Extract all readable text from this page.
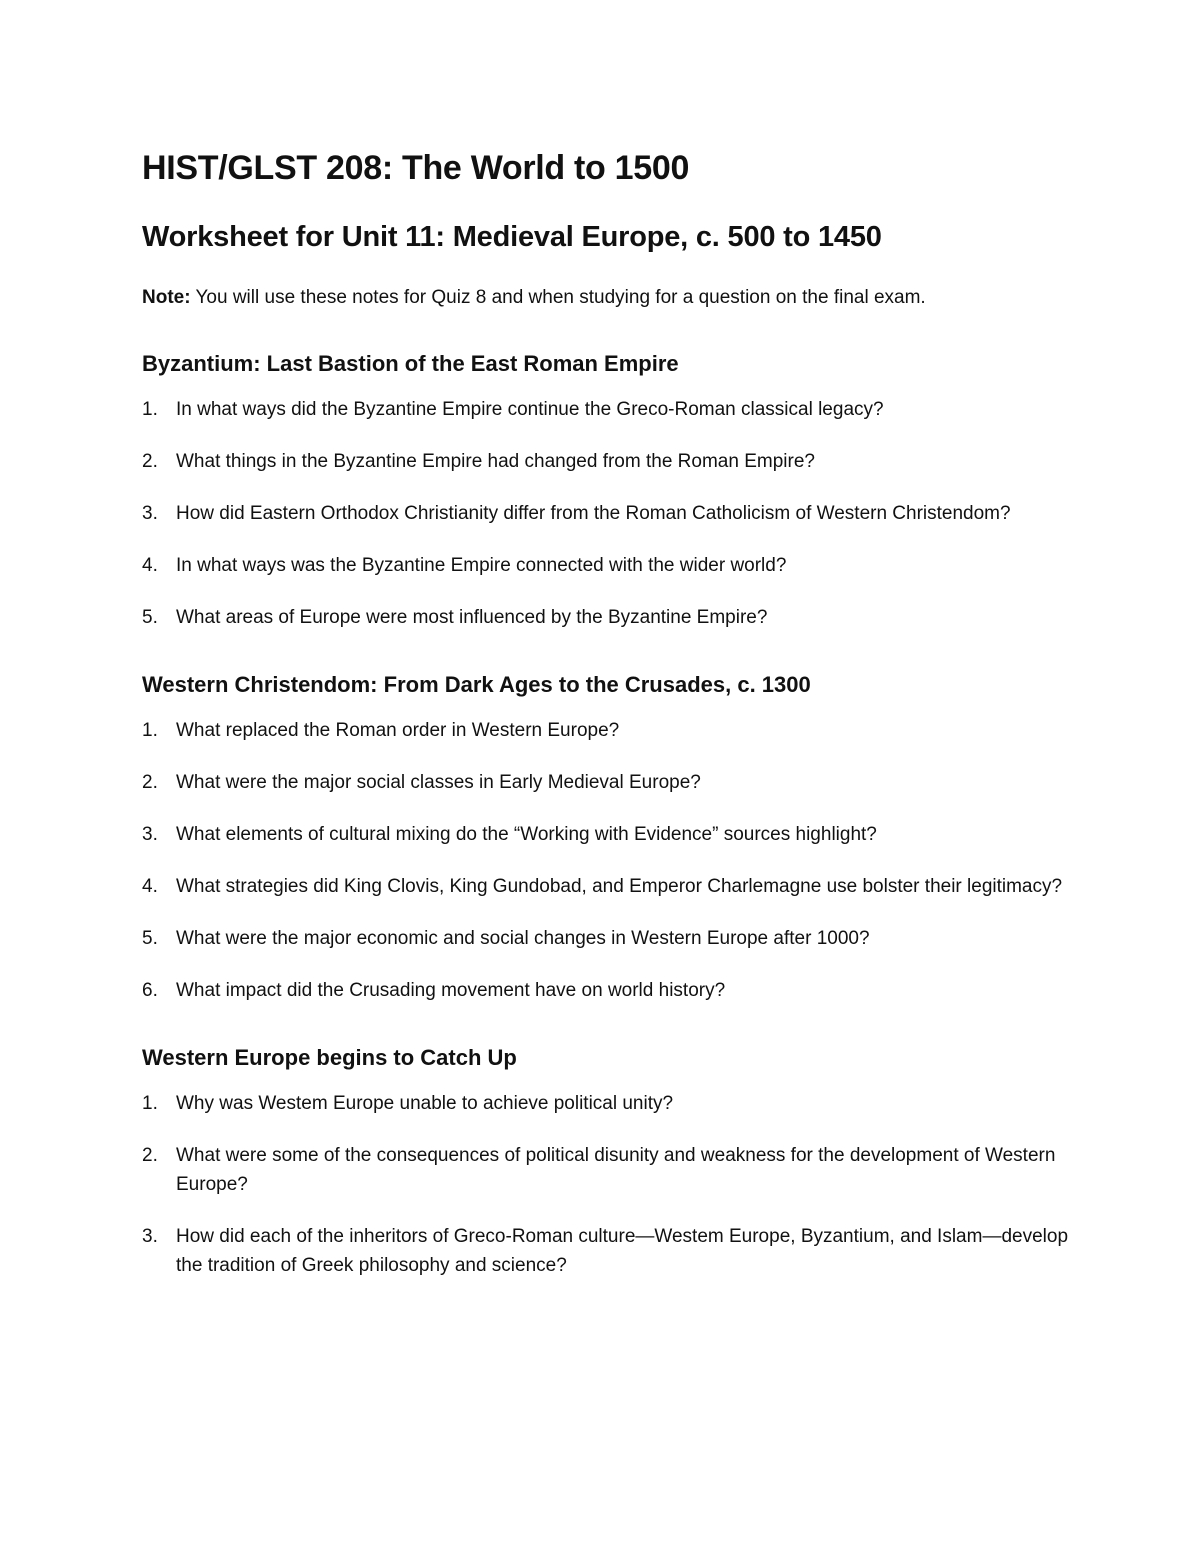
HIST/GLST 208: The World to 1500
Worksheet for Unit 11: Medieval Europe, c. 500 to 1450

Note: You will use these notes for Quiz 8 and when studying for a question on the final exam.

Byzantium: Last Bastion of the East Roman Empire
1. In what ways did the Byzantine Empire continue the Greco-Roman classical legacy?
2. What things in the Byzantine Empire had changed from the Roman Empire?
3. How did Eastern Orthodox Christianity differ from the Roman Catholicism of Western Christendom?
4. In what ways was the Byzantine Empire connected with the wider world?
5. What areas of Europe were most influenced by the Byzantine Empire?
Western Christendom: From Dark Ages to the Crusades, c. 1300
1. What replaced the Roman order in Western Europe?
2. What were the major social classes in Early Medieval Europe?
3. What elements of cultural mixing do the “Working with Evidence” sources highlight?
4. What strategies did King Clovis, King Gundobad, and Emperor Charlemagne use bolster their legitimacy?
5. What were the major economic and social changes in Western Europe after 1000?
6. What impact did the Crusading movement have on world history?
Western Europe begins to Catch Up
1. Why was Westem Europe unable to achieve political unity?
2. What were some of the consequences of political disunity and weakness for the development of Western Europe?
3. How did each of the inheritors of Greco-Roman culture—Westem Europe, Byzantium, and Islam—develop the tradition of Greek philosophy and science?
